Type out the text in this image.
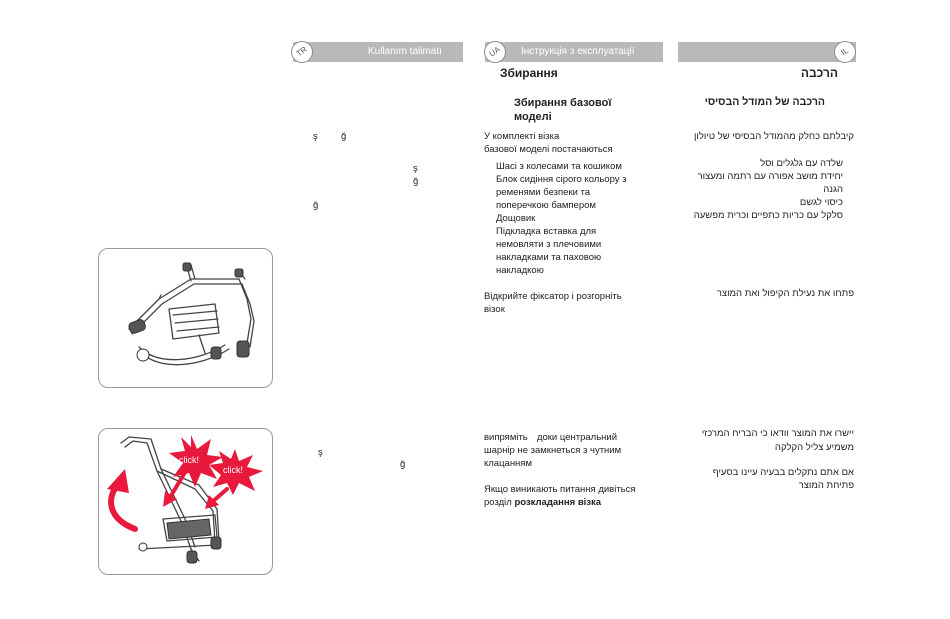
TR	Kullanım talimatı	UA	Інструкція з експлуатації	IL
ş ğ
ş
ğ
ğ
ş
ğ
Збирання
Збирання базової
моделі
У комплекті візка
базової моделі постачаються
Шасі з колесами та кошиком
Блок сидіння сірого кольору з
ременями безпеки та
поперечкою бампером
Дощовик
Підкладка вставка для
немовляти з плечовими
накладками та паховою
накладкою
Відкрийте фіксатор і розгорніть
візок
випрямітьᅠдоки центральний
шарнір не замкнеться з чутним
клацанням
Якщо виникають питання дивіться
розділ розкладання візка
הרכבה
הרכבה של המודל הבסיסי
קיבלתם כחלק מהמודל הבסיסי של טיולון
שלדה עם גלגלים וסל
יחידת מושב אפורה עם רתמה ומעצור
הגנה
כיסוי לגשם
סלקל עם כריות כתפיים וכרית מפשעה
פתחו את נעילת הקיפול ואת המוצר
יישרו את המוצר וודאו כי הבריח המרכזי
משמיע צליל הקלקה
אם אתם נתקלים בבעיה עיינו בסעיף
פתיחת המוצר
click!
click!
